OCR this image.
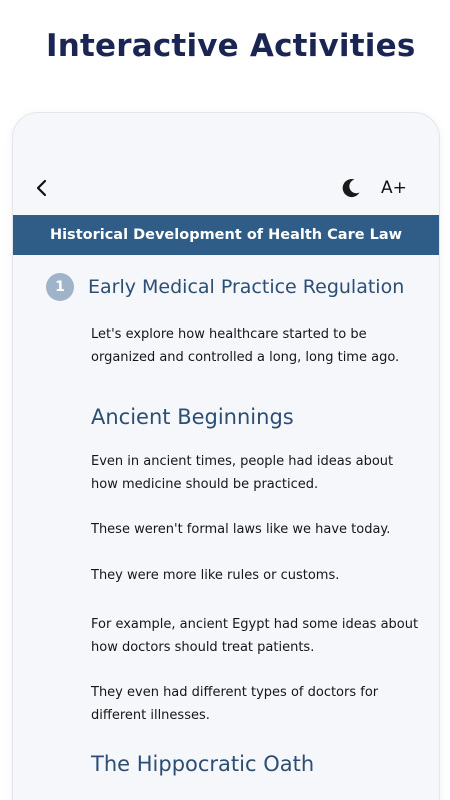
Interactive Activities
A+
Historical Development of Health Care Law
1	Early Medical Practice Regulation
Let's explore how healthcare started to be organized and controlled a long, long time ago.
Ancient Beginnings
Even in ancient times, people had ideas about how medicine should be practiced.
These weren't formal laws like we have today.
They were more like rules or customs.
For example, ancient Egypt had some ideas about how doctors should treat patients.
They even had different types of doctors for different illnesses.
The Hippocratic Oath
